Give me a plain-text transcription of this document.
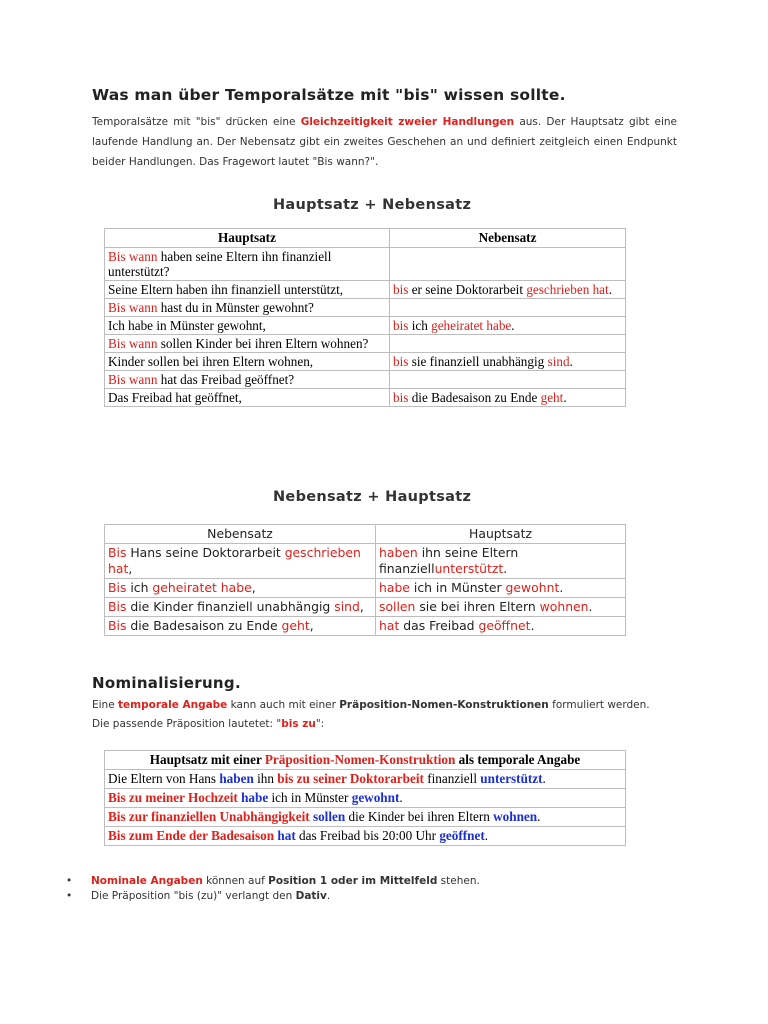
Was man über Temporalsätze mit "bis" wissen sollte.

Temporalsätze mit "bis" drücken eine Gleichzeitigkeit zweier Handlungen aus. Der Hauptsatz gibt eine laufende Handlung an. Der Nebensatz gibt ein zweites Geschehen an und definiert zeitgleich einen Endpunkt beider Handlungen. Das Fragewort lautet "Bis wann?".

Hauptsatz + Nebensatz
Hauptsatz	Nebensatz
Bis wann haben seine Eltern ihn finanziell unterstützt?	
Seine Eltern haben ihn finanziell unterstützt,	bis er seine Doktorarbeit geschrieben hat.
Bis wann hast du in Münster gewohnt?	
Ich habe in Münster gewohnt,	bis ich geheiratet habe.
Bis wann sollen Kinder bei ihren Eltern wohnen?	
Kinder sollen bei ihren Eltern wohnen,	bis sie finanziell unabhängig sind.
Bis wann hat das Freibad geöffnet?	
Das Freibad hat geöffnet,	bis die Badesaison zu Ende geht.
Nebensatz + Hauptsatz
Nebensatz	Hauptsatz
Bis Hans seine Doktorarbeit geschrieben hat,	haben ihn seine Eltern finanziellunterstützt.
Bis ich geheiratet habe,	habe ich in Münster gewohnt.
Bis die Kinder finanziell unabhängig sind,	sollen sie bei ihren Eltern wohnen.
Bis die Badesaison zu Ende geht,	hat das Freibad geöffnet.
Nominalisierung.
Eine temporale Angabe kann auch mit einer Präposition-Nomen-Konstruktionen formuliert werden.
Die passende Präposition lautetet: "bis zu":
Hauptsatz mit einer Präposition-Nomen-Konstruktion als temporale Angabe
Die Eltern von Hans haben ihn bis zu seiner Doktorarbeit finanziell unterstützt.
Bis zu meiner Hochzeit habe ich in Münster gewohnt.
Bis zur finanziellen Unabhängigkeit sollen die Kinder bei ihren Eltern wohnen.
Bis zum Ende der Badesaison hat das Freibad bis 20:00 Uhr geöffnet.
• Nominale Angaben können auf Position 1 oder im Mittelfeld stehen.
• Die Präposition "bis (zu)" verlangt den Dativ.
